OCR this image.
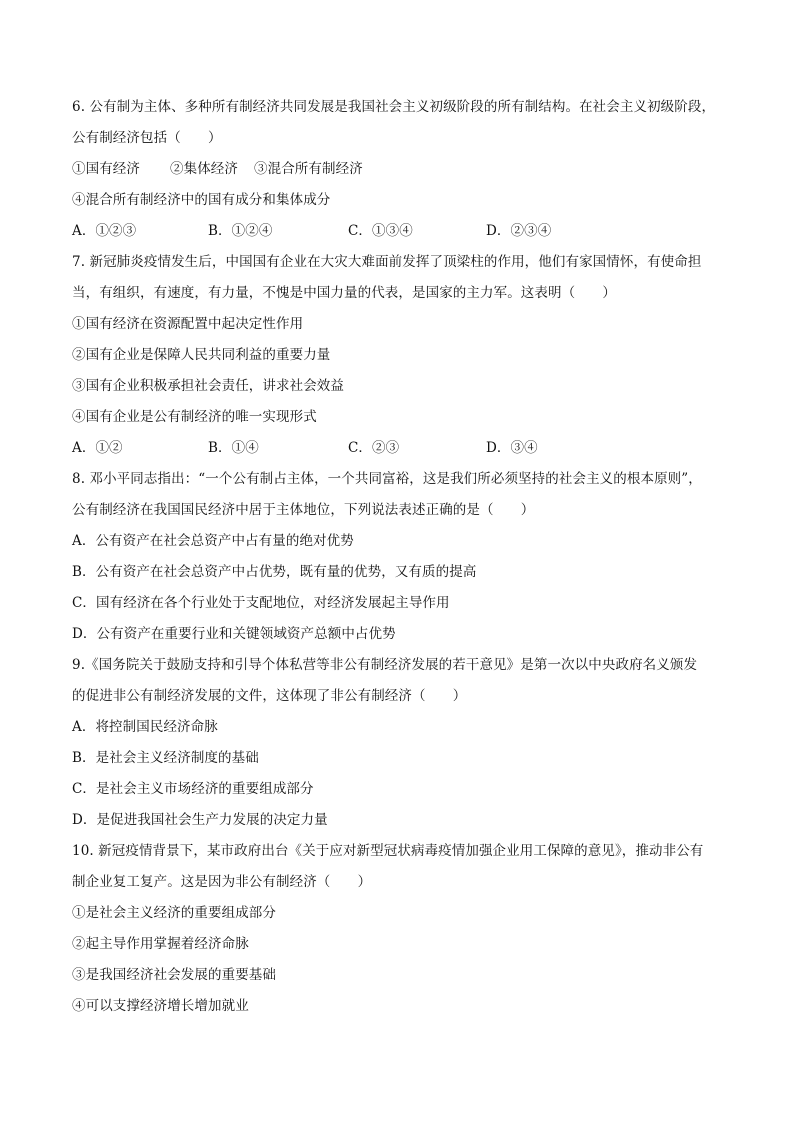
6. 公有制为主体、多种所有制经济共同发展是我国社会主义初级阶段的所有制结构。在社会主义初级阶段，
公有制经济包括（　　）
①国有经济	②集体经济	③混合所有制经济
④混合所有制经济中的国有成分和集体成分
A．①②③	B．①②④	C．①③④	D．②③④
7. 新冠肺炎疫情发生后，中国国有企业在大灾大难面前发挥了顶梁柱的作用，他们有家国情怀，有使命担
当，有组织，有速度，有力量，不愧是中国力量的代表，是国家的主力军。这表明（　　）
①国有经济在资源配置中起决定性作用
②国有企业是保障人民共同利益的重要力量
③国有企业积极承担社会责任，讲求社会效益
④国有企业是公有制经济的唯一实现形式
A．①②	B．①④	C．②③	D．③④
8. 邓小平同志指出：“一个公有制占主体，一个共同富裕，这是我们所必须坚持的社会主义的根本原则”，
公有制经济在我国国民经济中居于主体地位，下列说法表述正确的是（　　）
A．公有资产在社会总资产中占有量的绝对优势
B．公有资产在社会总资产中占优势，既有量的优势，又有质的提高
C．国有经济在各个行业处于支配地位，对经济发展起主导作用
D．公有资产在重要行业和关键领域资产总额中占优势
9.《国务院关于鼓励支持和引导个体私营等非公有制经济发展的若干意见》是第一次以中央政府名义颁发
的促进非公有制经济发展的文件，这体现了非公有制经济（　　）
A．将控制国民经济命脉
B．是社会主义经济制度的基础
C．是社会主义市场经济的重要组成部分
D．是促进我国社会生产力发展的决定力量
10. 新冠疫情背景下，某市政府出台《关于应对新型冠状病毒疫情加强企业用工保障的意见》，推动非公有
制企业复工复产。这是因为非公有制经济（　　）
①是社会主义经济的重要组成部分
②起主导作用掌握着经济命脉
③是我国经济社会发展的重要基础
④可以支撑经济增长增加就业
